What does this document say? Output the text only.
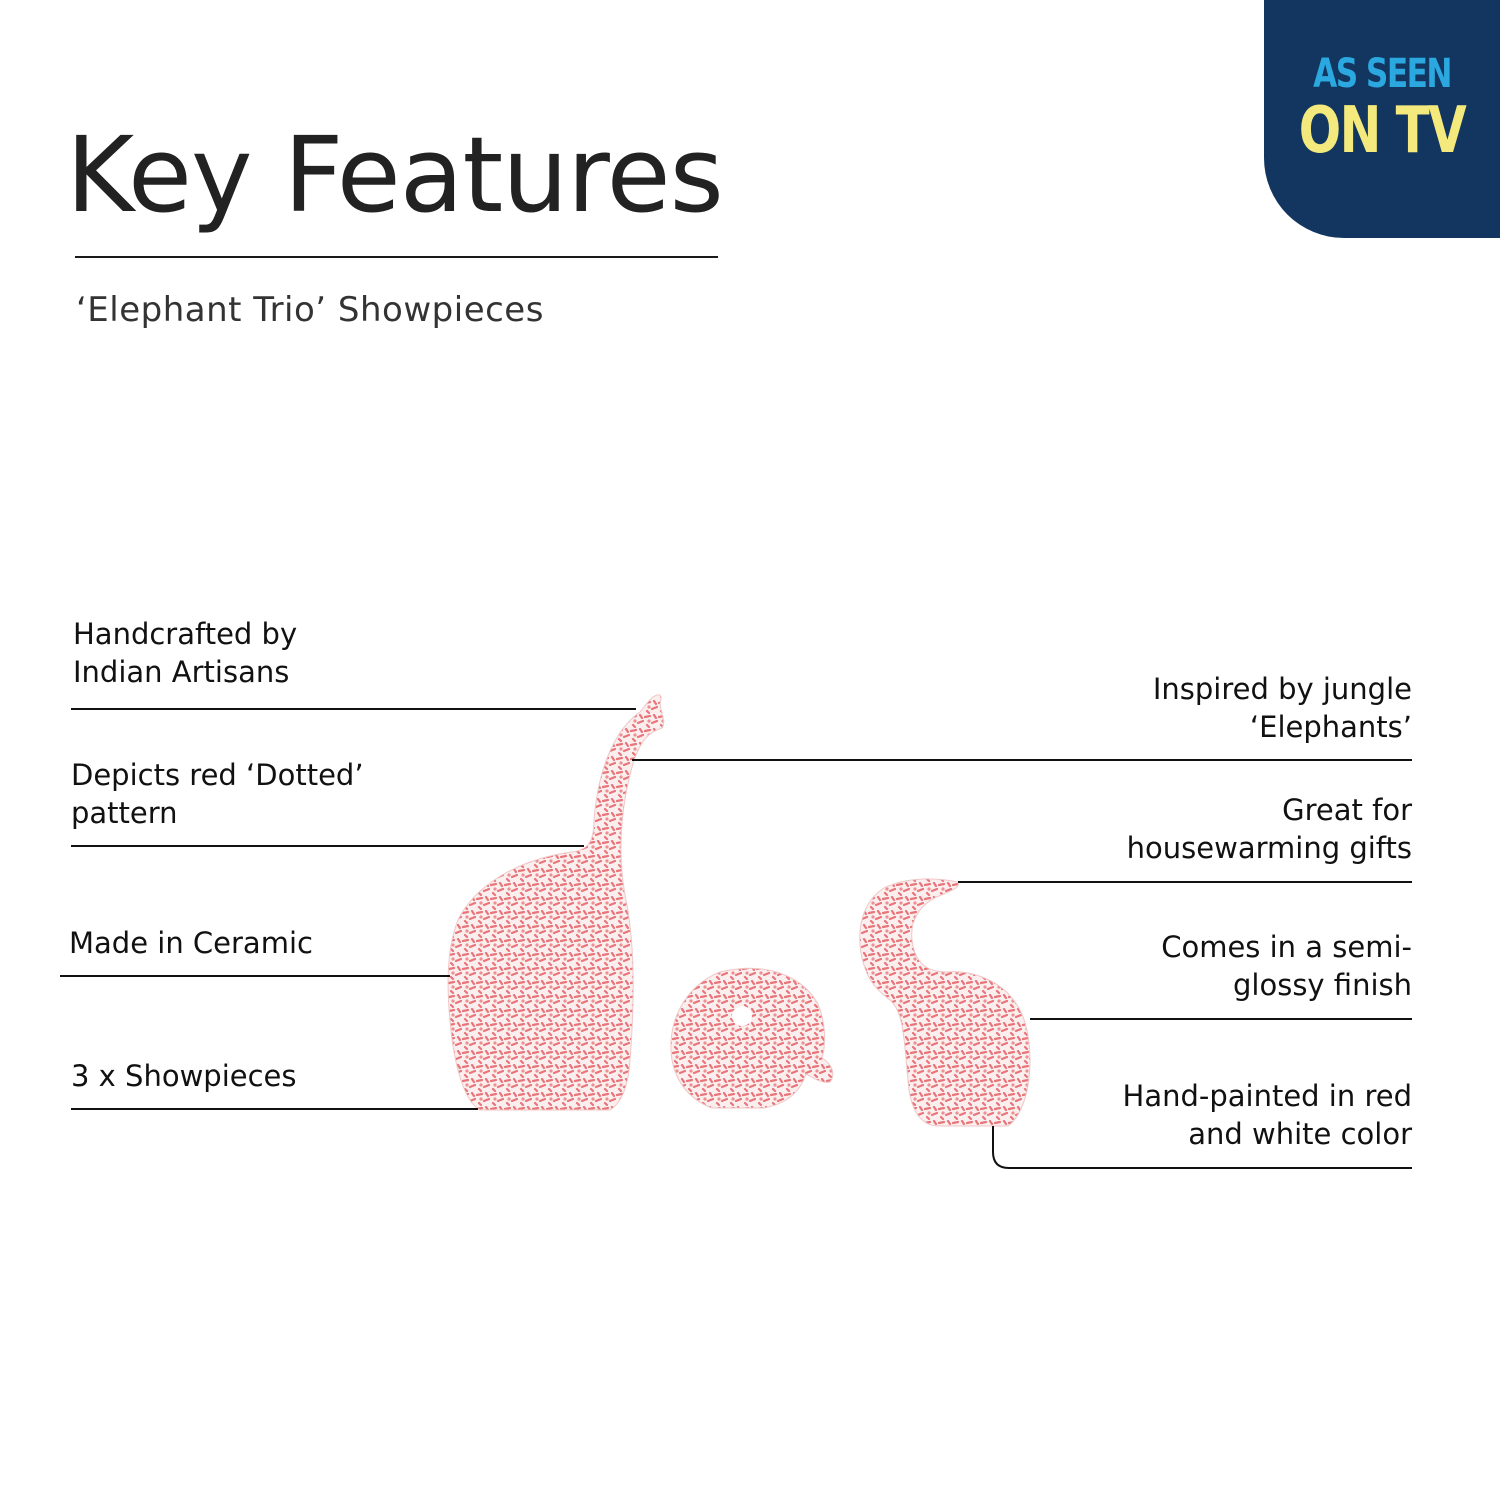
Key Features
‘Elephant Trio’ Showpieces
AS SEEN
ON TV
Handcrafted by
Indian Artisans
Depicts red ‘Dotted’
pattern
Made in Ceramic
3 x Showpieces
Inspired by jungle
‘Elephants’
Great for
housewarming gifts
Comes in a semi-
glossy finish
Hand-painted in red
and white color
